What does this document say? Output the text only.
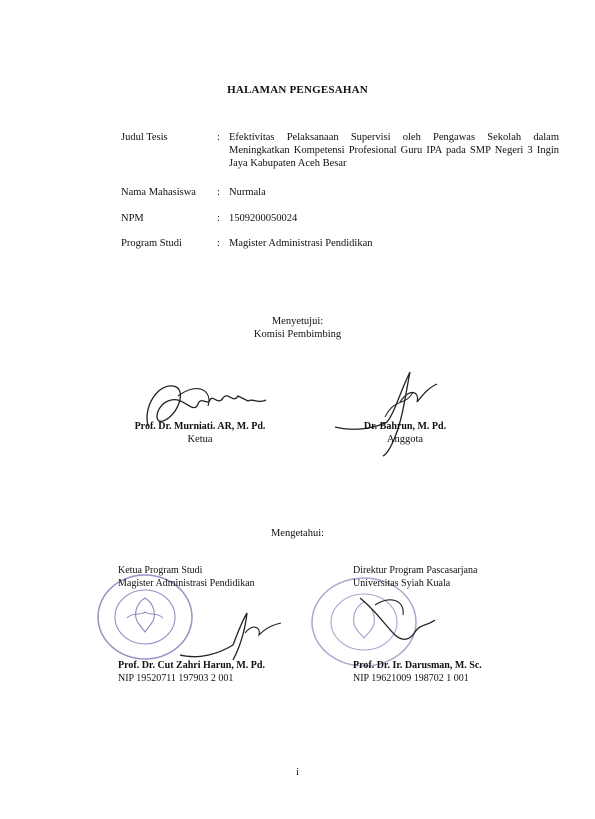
HALAMAN PENGESAHAN
Judul Tesis	: Efektivitas Pelaksanaan Supervisi oleh Pengawas Sekolah dalam Meningkatkan Kompetensi Profesional Guru IPA pada SMP Negeri 3 Ingin Jaya Kabupaten Aceh Besar
Nama Mahasiswa	: Nurmala
NPM	: 1509200050024
Program Studi	: Magister Administrasi Pendidikan
Menyetujui:
Komisi Pembimbing
Prof. Dr. Murniati. AR, M. Pd.
Ketua
Dr. Bahrun, M. Pd.
Anggota
Mengetahui:
Ketua Program Studi
Magister Administrasi Pendidikan
Direktur Program Pascasarjana
Universitas Syiah Kuala
Prof. Dr. Cut Zahri Harun, M. Pd.
NIP 19520711 197903 2 001
Prof. Dr. Ir. Darusman, M. Sc.
NIP 19621009 198702 1 001
i
